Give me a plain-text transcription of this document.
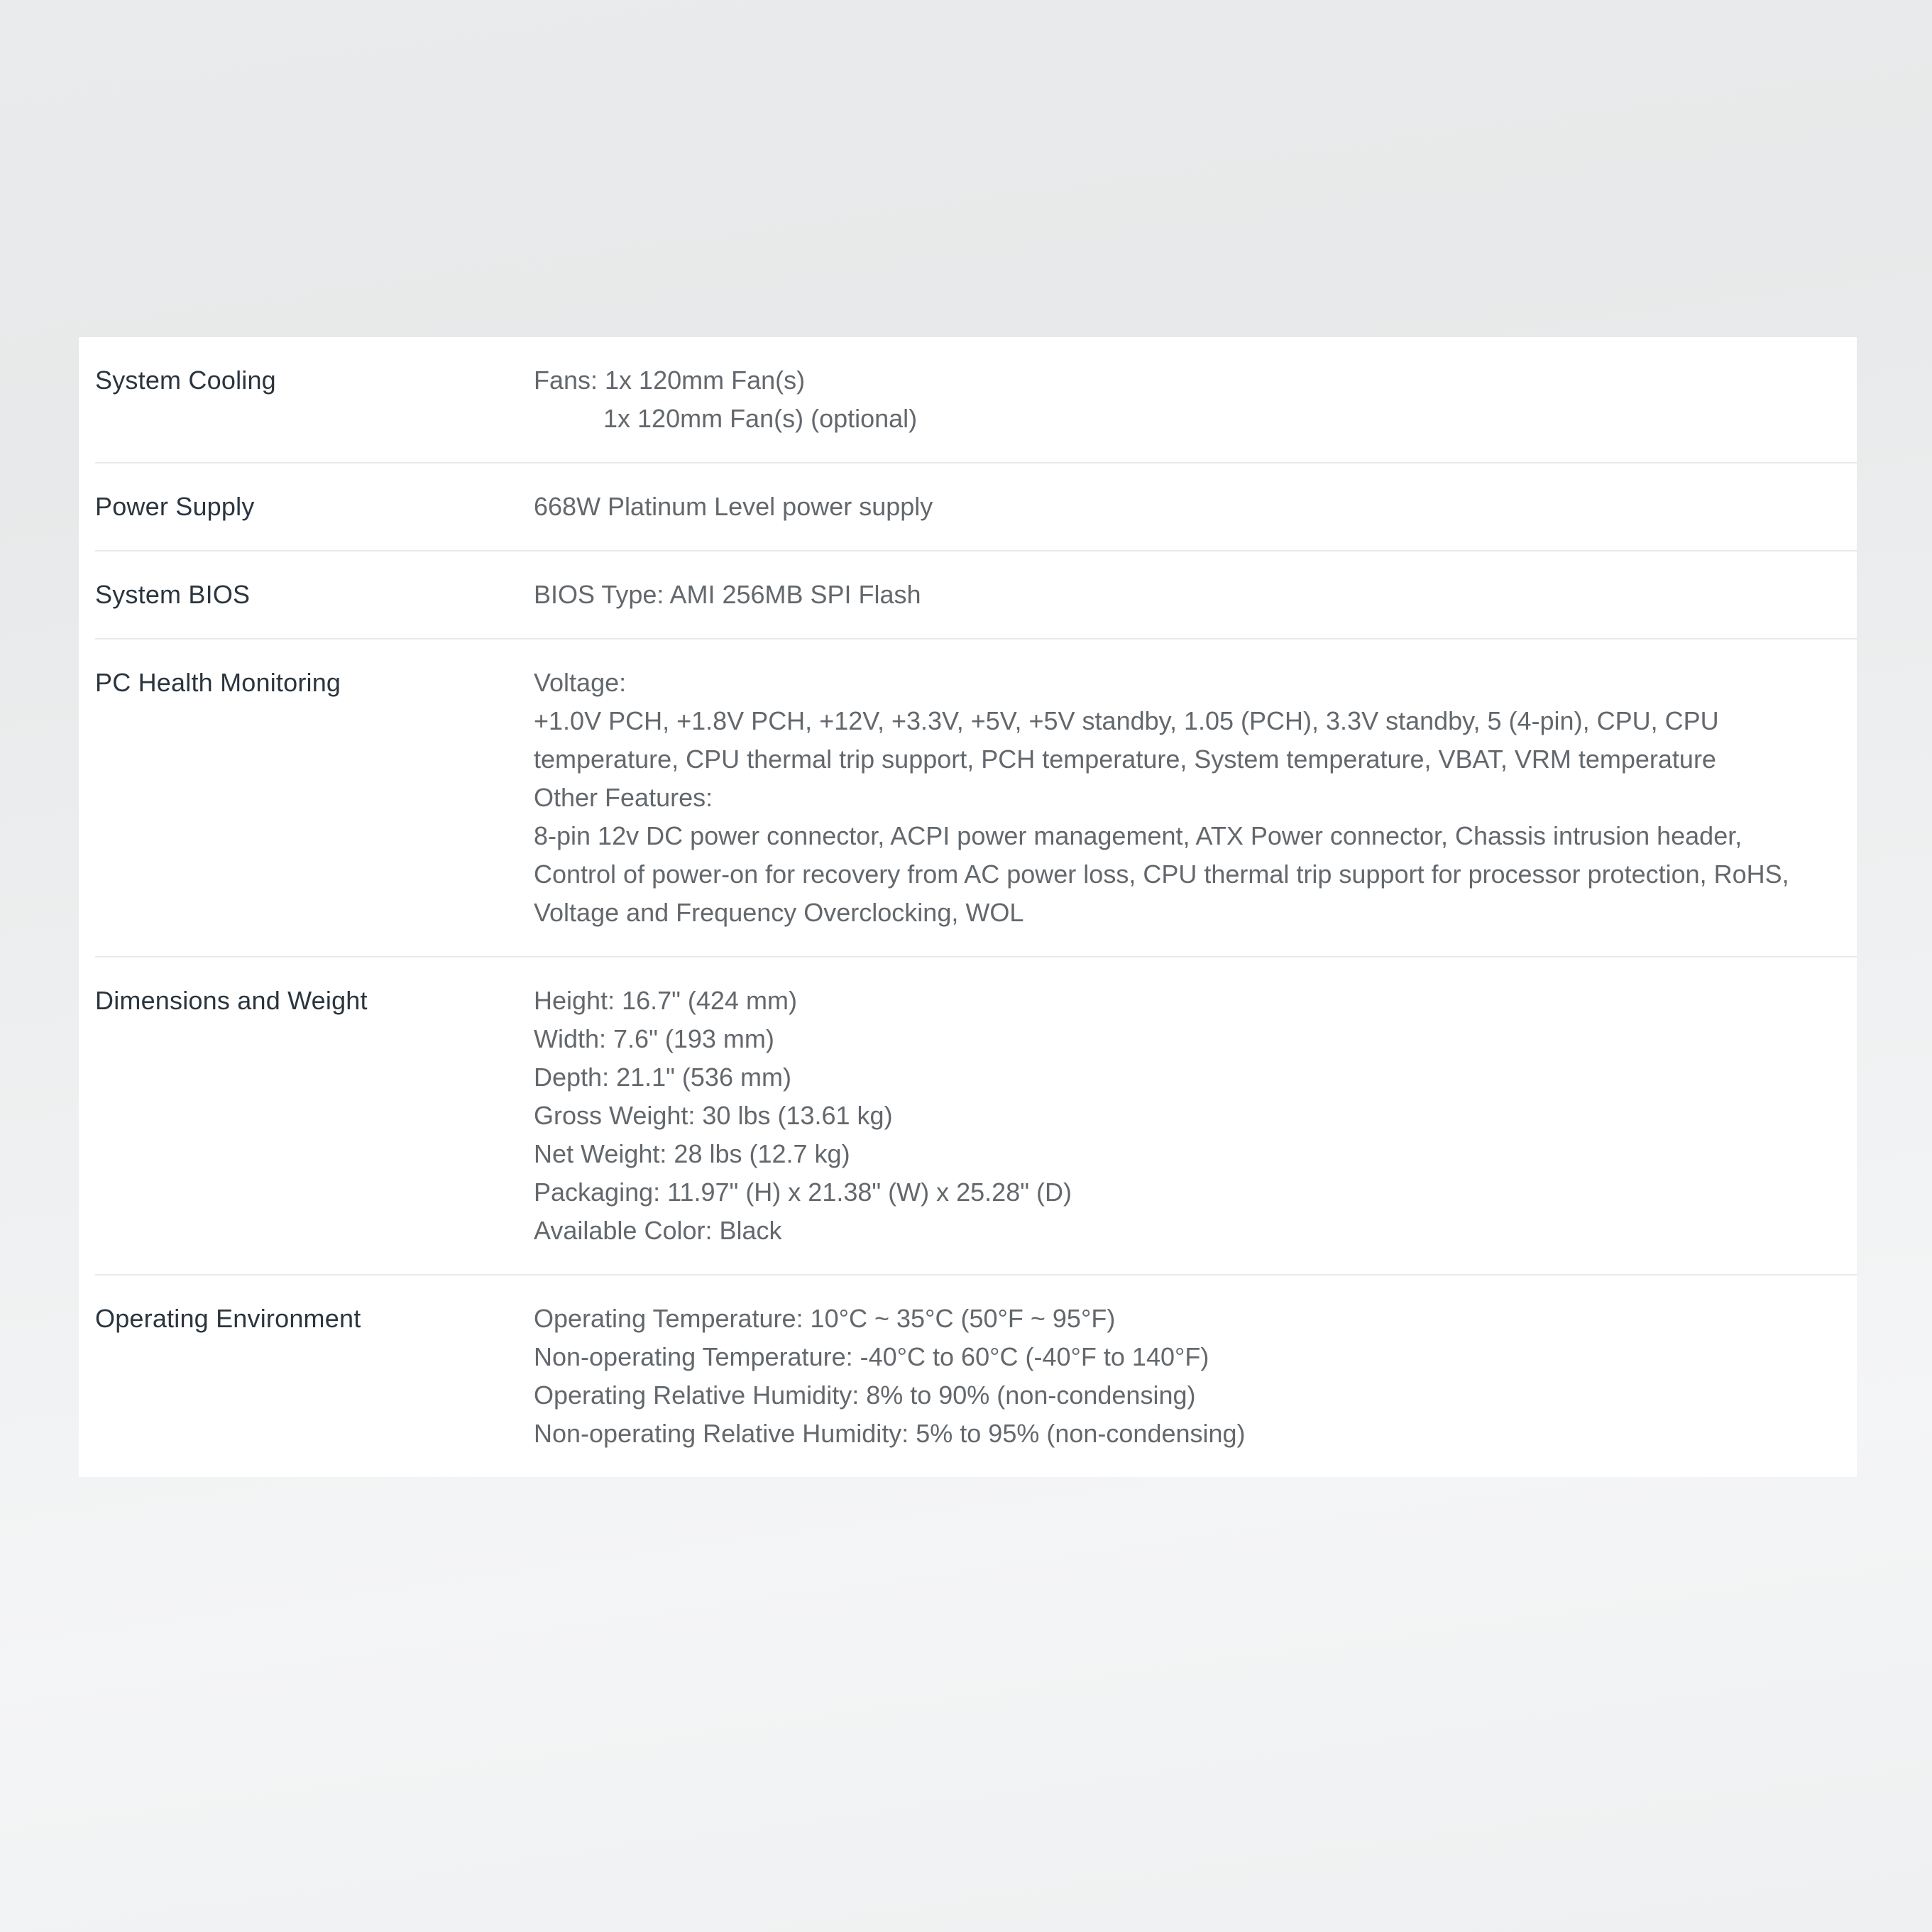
System Cooling	Fans: 1x 120mm Fan(s)
1x 120mm Fan(s) (optional)
Power Supply	668W Platinum Level power supply
System BIOS	BIOS Type: AMI 256MB SPI Flash
PC Health Monitoring	Voltage:
+1.0V PCH, +1.8V PCH, +12V, +3.3V, +5V, +5V standby, 1.05 (PCH), 3.3V standby, 5 (4-pin), CPU, CPU temperature, CPU thermal trip support, PCH temperature, System temperature, VBAT, VRM temperature
Other Features:
8-pin 12v DC power connector, ACPI power management, ATX Power connector, Chassis intrusion header, Control of power-on for recovery from AC power loss, CPU thermal trip support for processor protection, RoHS, Voltage and Frequency Overclocking, WOL
Dimensions and Weight	Height: 16.7" (424 mm)
Width: 7.6" (193 mm)
Depth: 21.1" (536 mm)
Gross Weight: 30 lbs (13.61 kg)
Net Weight: 28 lbs (12.7 kg)
Packaging: 11.97" (H) x 21.38" (W) x 25.28" (D)
Available Color: Black
Operating Environment	Operating Temperature: 10°C ~ 35°C (50°F ~ 95°F)
Non-operating Temperature: -40°C to 60°C (-40°F to 140°F)
Operating Relative Humidity: 8% to 90% (non-condensing)
Non-operating Relative Humidity: 5% to 95% (non-condensing)
